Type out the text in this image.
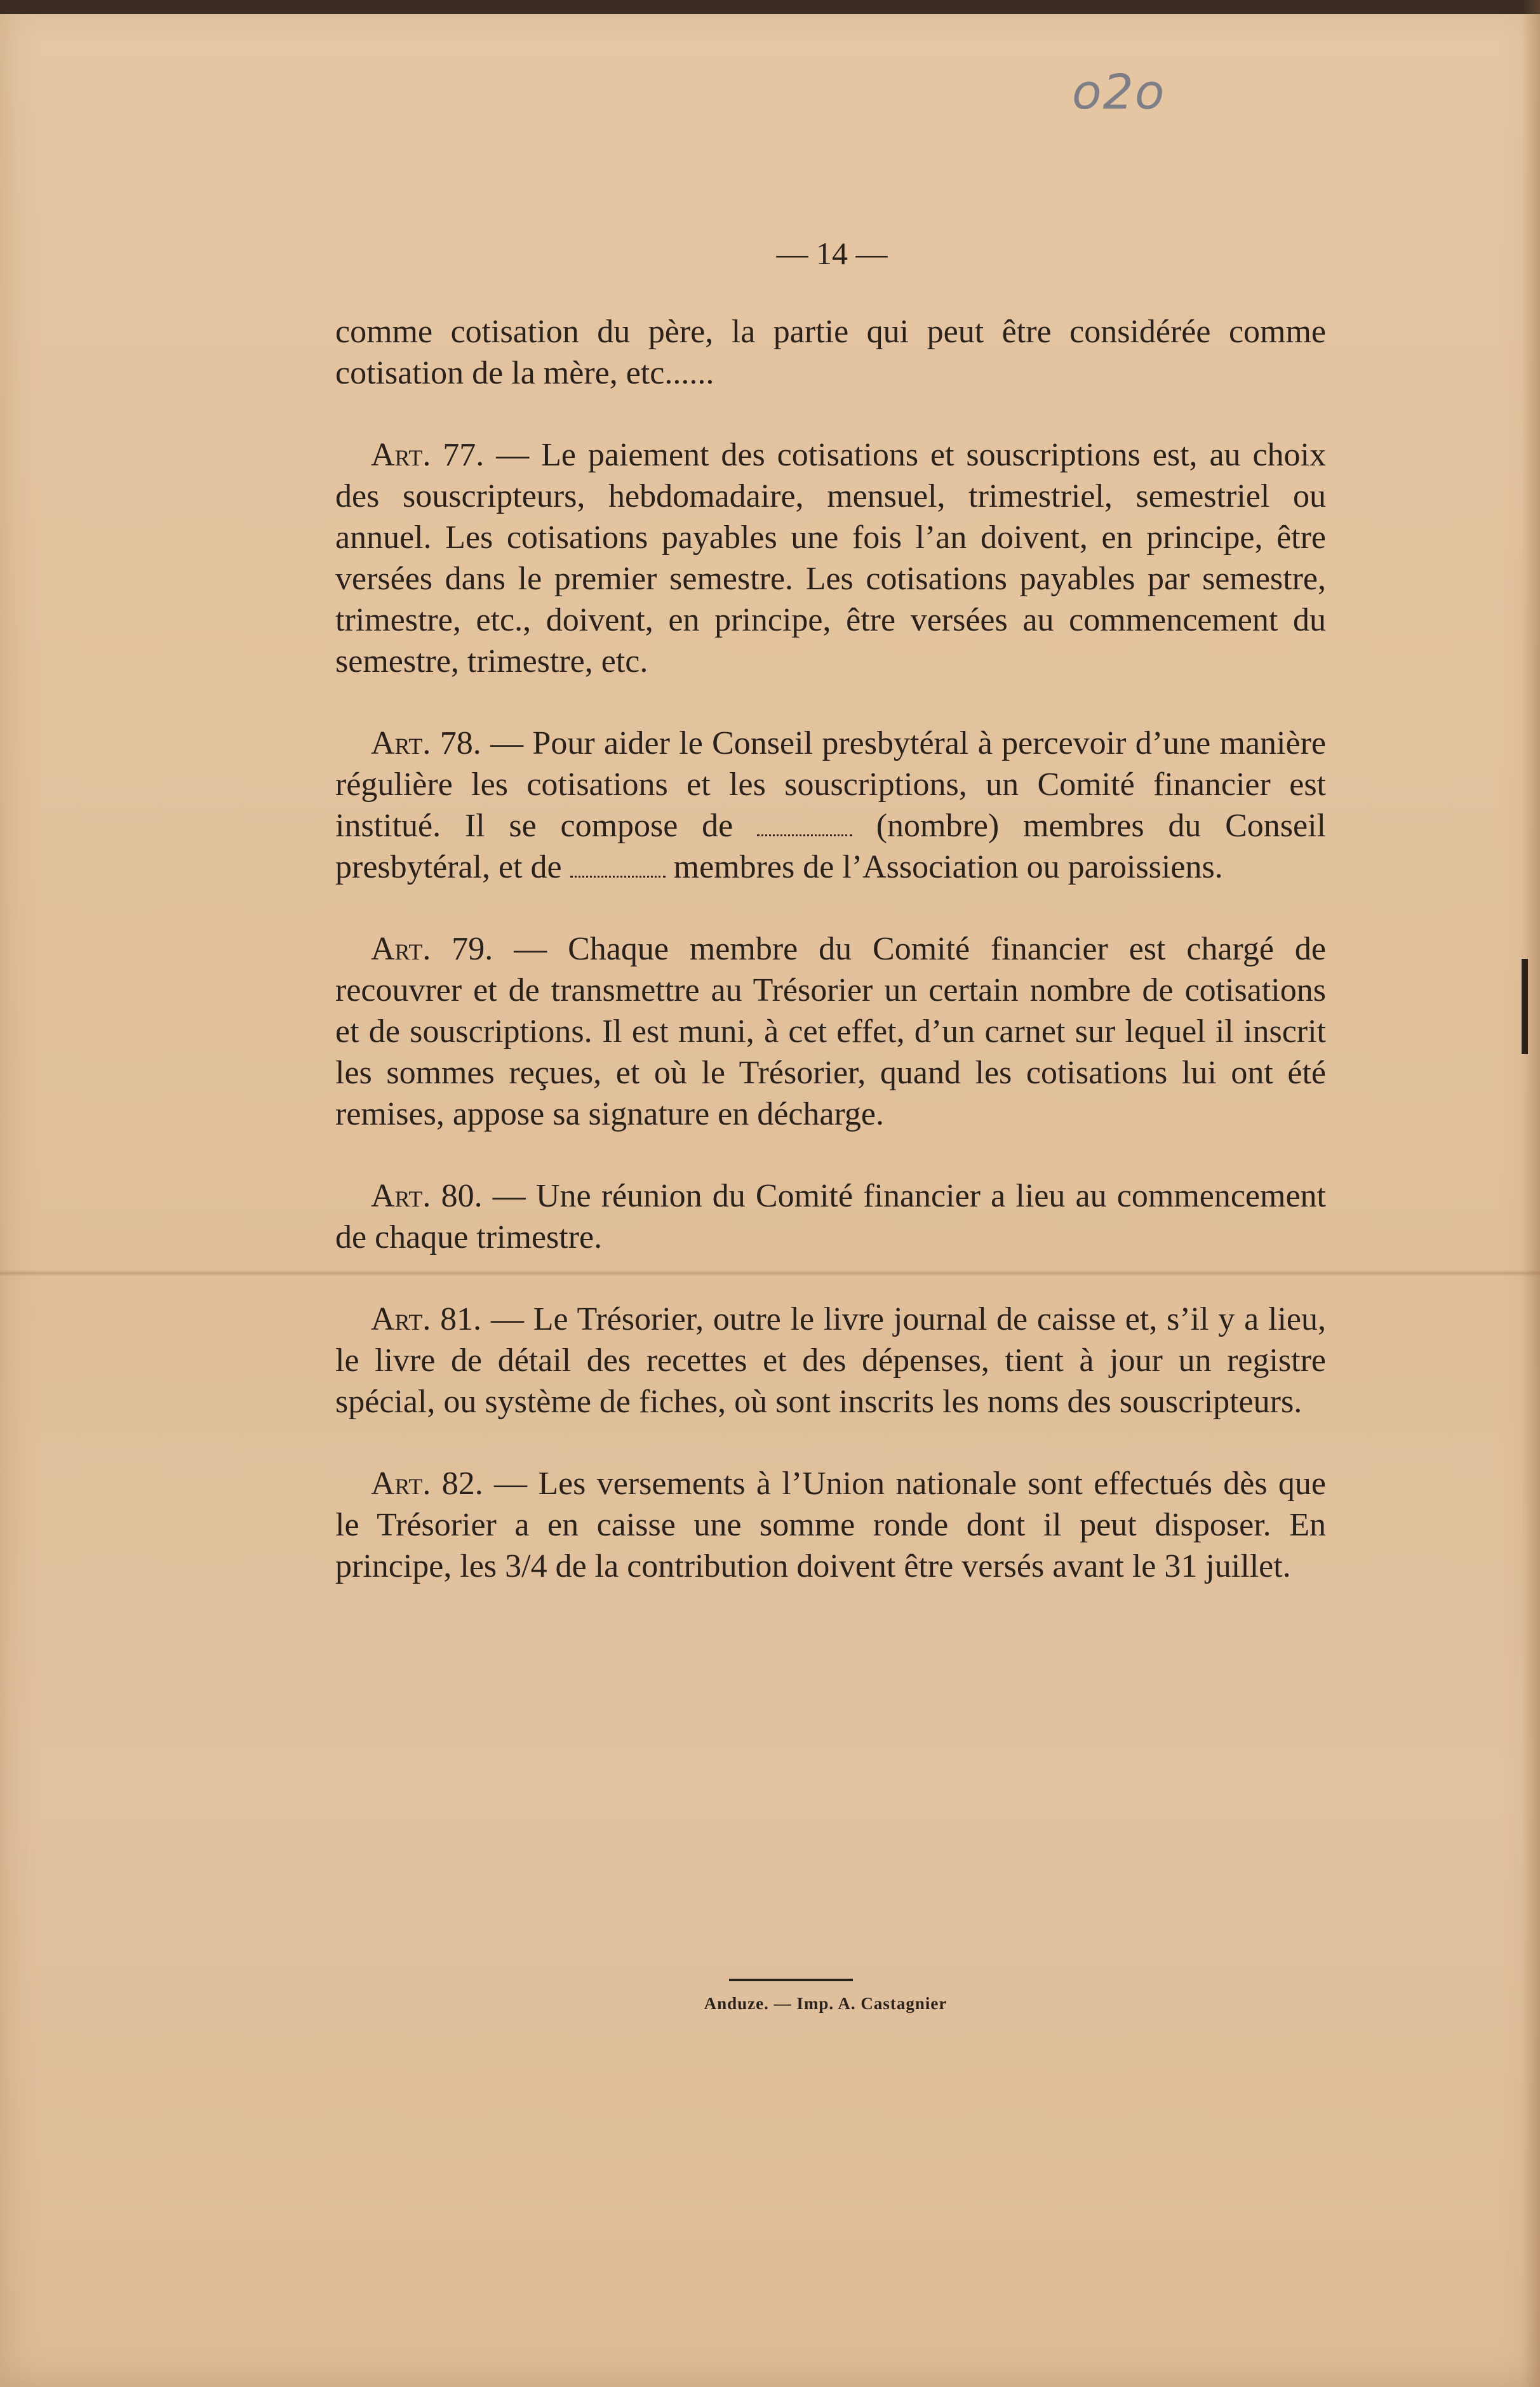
o2o
— 14 —

comme cotisation du père, la partie qui peut être considérée comme cotisation de la mère, etc......

Art. 77. — Le paiement des cotisations et souscriptions est, au choix des souscripteurs, hebdomadaire, mensuel, trimestriel, semestriel ou annuel. Les cotisations payables une fois l’an doivent, en principe, être versées dans le premier semestre. Les cotisations payables par semestre, trimestre, etc., doivent, en principe, être versées au commencement du semestre, trimestre, etc.

Art. 78. — Pour aider le Conseil presbytéral à percevoir d’une manière régulière les cotisations et les souscriptions, un Comité financier est institué. Il se compose de	(nombre) membres du Conseil presbytéral, et de	membres de l’Association ou paroissiens.

Art. 79. — Chaque membre du Comité financier est chargé de recouvrer et de transmettre au Trésorier un certain nombre de cotisations et de souscriptions. Il est muni, à cet effet, d’un carnet sur lequel il inscrit les sommes reçues, et où le Trésorier, quand les cotisations lui ont été remises, appose sa signature en décharge.

Art. 80. — Une réunion du Comité financier a lieu au commencement de chaque trimestre.

Art. 81. — Le Trésorier, outre le livre journal de caisse et, s’il y a lieu, le livre de détail des recettes et des dépenses, tient à jour un registre spécial, ou système de fiches, où sont inscrits les noms des souscripteurs.

Art. 82. — Les versements à l’Union nationale sont effectués dès que le Trésorier a en caisse une somme ronde dont il peut disposer. En principe, les 3/4 de la contribution doivent être versés avant le 31 juillet.

Anduze. — Imp. A. Castagnier
